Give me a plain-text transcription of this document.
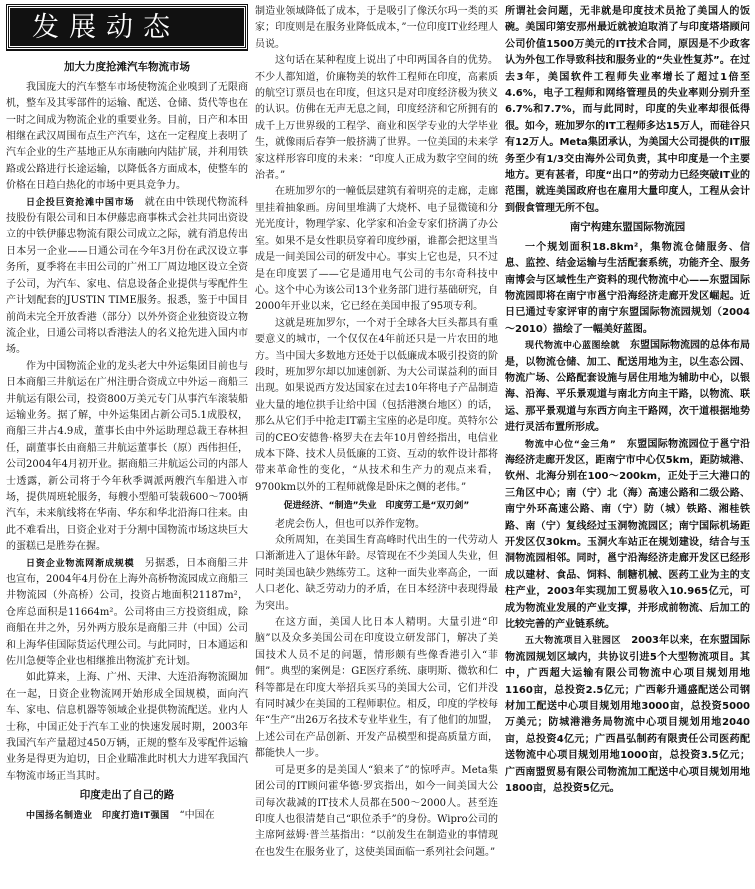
发展动态
加大力度抢滩汽车物流市场

我国庞大的汽车整车市场使物流企业嗅到了无限商机，整车及其零部件的运输、配送、仓储、货代等也在一时之间成为物流企业的重要业务。目前，日产和本田相继在武汉周围布点生产汽车，这在一定程度上表明了汽车企业的生产基地正从东南融向内陆扩展，并利用铁路或公路进行长途运输，以降低各方面成本，使整车的价格在日趋白热化的市场中更具竞争力。

日企投巨资抢滩中国市场　 就在由中铁现代物流科技股份有限公司和日本伊藤忠商事株式会社共同出资设立的中铁伊藤忠物流有限公司成立之际，就有消息传出日本另一企业——日通公司在今年3月份在武汉设立事务所，夏季将在丰田公司的广州工厂周边地区设立全资子公司，为汽车、家电、信息设备企业提供与零配件生产计划配套的JUSTIN TIME服务。报悉，鉴于中国目前尚未完全开放香港（部分）以外外资企业独资设立物流企业，日通公司将以香港法人的名义抢先进入国内市场。

作为中国物流企业的龙头老大中外运集团目前也与日本商船三井航运在广州注册合资成立中外运－商船三井航运有限公司，投资800万美元专门从事汽车滚装船运输业务。据了解，中外运集团占新公司5.1成股权，商船三井占4.9成，董事长由中外运助理总裁王春林担任，副董事长由商船三井航运董事长（原）西伟担任，公司2004年4月初开业。据商船三井航运公司的内部人士透露，新公司将于今年秋季调派两艘汽车船进入市场，提供周班轮服务，每艘小型船可装载600～700辆汽车，未来航线将在华南、华东和华北沿海口往来。由此不难看出，日资企业对于分割中国物流市场这块巨大的蛋糕已是胜券在握。

日资企业物流网渐成规模　 另据悉，日本商船三井也宣布，2004年4月份在上海外高桥物流园成立商船三井物流园（外高桥）公司，投资占地面积21187m²，仓库总面积是11664m²。公司将由三方投资组成，除商船在井之外，另外两方股东是商船三井（中国）公司和上海华佳国际货运代理公司。与此同时，日本通运和佐川急便等企业也相继推出物流扩充计划。

如此算来，上海、广州、天津、大连沿海物流圈加在一起，日资企业物流网开始形成全国规模，面向汽车、家电、信息机器等领域企业提供物流配送。业内人士称，中国正处于汽车工业的快速发展时期，2003年我国汽车产量超过450万辆，正规的整车及零配件运输业务是得更为迫切，日企业瞄准此时机大力进军我国汽车物流市场正当其时。

印度走出了自己的路

中国扬名制造业　印度打造IT强国　 “中国在

制造业领域降低了成本，于是吸引了像沃尔玛一类的买家；印度则是在服务业降低成本，”一位印度IT业经理人员说。

这句话在某种程度上说出了中印两国各自的优势。不少人都知道，价廉物美的软件工程师在印度，高素质的航空订票员也在印度，但这只是对印度经济极为狭义的认识。仿佛在无声无息之间，印度经济和它所拥有的成千上万世界级的工程学、商业和医学专业的大学毕业生，就像雨后春笋一般挤满了世界。一位美国的未来学家这样形容印度的未来：“印度人正成为数字空间的统治者。”

在班加罗尔的一幢低层建筑有着明亮的走廊，走廊里挂着抽象画。房间里堆满了大烧杯、电子显微镜和分光光度计，物理学家、化学家和冶金专家们挤满了办公室。如果不是女性职员穿着印度纱丽，谁都会把这里当成是一间美国公司的研发中心。事实上它也是，只不过是在印度罢了——它是通用电气公司的韦尔奇科技中心。这个中心为该公司13个业务部门进行基础研究，自2000年开业以来，它已经在美国申报了95项专利。

这就是班加罗尔，一个对于全球各大巨头都具有重要意义的城市，一个仅仅在4年前还只是一片农田的地方。当中国大多数地方还处于以低廉成本吸引投资的阶段时，班加罗尔却以加速创新、为大公司谋益利的面目出现。如果说西方发达国家在过去10年将电子产品制造业大量的地位拱手让给中国（包括港澳台地区）的话，那么从它们手中抢走IT霸主宝座的必是印度。英特尔公司的CEO安德鲁·格罗夫在去年10月曾经指出，电信业成本下降、技术人员低廉的工资、互动的软件设计都将带来革命性的变化，“从技术和生产力的观点来看，9700km以外的工程师就像是卧床之侧的老伟。”

促进经济、“制造”失业　印度劳工是“双刃剑”

老虎会伤人，但也可以养作宠物。

众所周知，在美国生育高峰时代出生的一代劳动人口渐渐进入了退休年龄。尽管现在不少美国人失业，但同时美国也缺少熟练劳工。这种一面失业率高企，一面人口老化、缺乏劳动力的矛盾，在日本经济中表现得最为突出。

在这方面，美国人比日本人精明。大量引进“印脑”以及众多美国公司在印度设立研发部门，解决了美国技术人员不足的问题，情形颇有些像香港引入“菲佣”。典型的案例是：GE医疗系统、康明斯、微软和仁科等都是在印度大举招兵买马的美国大公司，它们并没有同时减少在美国的工程师职位。相反，印度的学校每年“生产”出26万名技术专业毕业生，有了他们的加盟，上述公司在产品创新、开发产品模型和提高质量方面，都能快人一步。

可是更多的是美国人“狼来了”的惊呼声。Meta集团公司的IT顾问霍华德·罗宾指出，如今一间美国大公司每次裁减的IT技术人员都在500～2000人。甚至连印度人也很清楚自己“职位杀手”的身份。Wipro公司的主席阿兹姆·普兰基指出：“以前发生在制造业的事情现在也发生在服务业了，这使美国面临一系列社会问题。”

所谓社会问题，无非就是印度技术员抢了美国人的饭碗。美国印第安那州最近就被迫取消了与印度塔塔顾问公司价值1500万美元的IT技术合同，原因是不少政客认为外包工作导致科技和服务业的“失业性复苏”。在过去3年，美国软件工程师失业率增长了超过1倍至4.6%，电子工程师和网络管理员的失业率则分别升至6.7%和7.7%，而与此同时，印度的失业率却很低得很。如今，班加罗尔的IT工程师多达15万人，而硅谷只有12万人。Meta集团承认，为美国大公司提供的IT服务至少有1/3交由海外公司负责，其中印度是一个主要地方。更有甚者，印度“出口”的劳动力已经突破IT业的范围，就连美国政府也在雇用大量印度人，工程从会计到假食管理无所不包。

南宁构建东盟国际物流园

一个规划面积18.8km²，集物流仓储服务、信息、监控、结金运输与生活配套系统，功能齐全、服务南博会与区域性生产资料的现代物流中心——东盟国际物流园即将在南宁市邕宁沿海经济走廊开发区崛起。近日已通过专家评审的南宁东盟国际物流园规划（2004～2010）描绘了一幅美好蓝图。

现代物流中心蓝图绘就　 东盟国际物流园的总体布局是，以物流仓储、加工、配送用地为主，以生态公园、物流广场、公路配套设施与居住用地为辅助中心，以银海、沿海、平乐景观道与南北方向主干路，以物流、联运、那平景观道与东西方向主干路网，次干道根据地势进行灵活布置所形成。

物流中心位“金三角”　 东盟国际物流园位于邕宁沿海经济走廊开发区，距南宁市中心仅5km，距防城港、钦州、北海分别在100～200km，正处于三大港口的三角区中心；南（宁）北（海）高速公路和二级公路、南宁外环高速公路、南（宁）防（城）铁路、湘桂铁路、南（宁）复线经过玉洞物流园区；南宁国际机场距开发区仅30km。玉洞火车站正在规划建设，结合与玉洞物流园相邻。同时，邕宁沿海经济走廊开发区已经形成以建材、食品、饲料、制糖机械、医药工业为主的支柱产业，2003年实现加工贸易收入10.965亿元，可成为物流业发展的产业支撑，并形成前物流、后加工的比较完善的产业链系统。

五大物流项目入驻园区　 2003年以来，在东盟国际物流园规划区域内，共协议引进5个大型物流项目。其中，广西超大运输有限公司物流中心项目规划用地1160亩，总投资2.5亿元；广西彰升通盛配送公司钢材加工配送中心项目规划用地3000亩，总投资5000万美元；防城港港务局物流中心项目规划用地2040亩，总投资4亿元；广西昌弘制药有限责任公司医药配送物流中心项目规划用地1000亩，总投资3.5亿元；广西南盟贸易有限公司物流加工配送中心项目规划用地1800亩，总投资5亿元。
